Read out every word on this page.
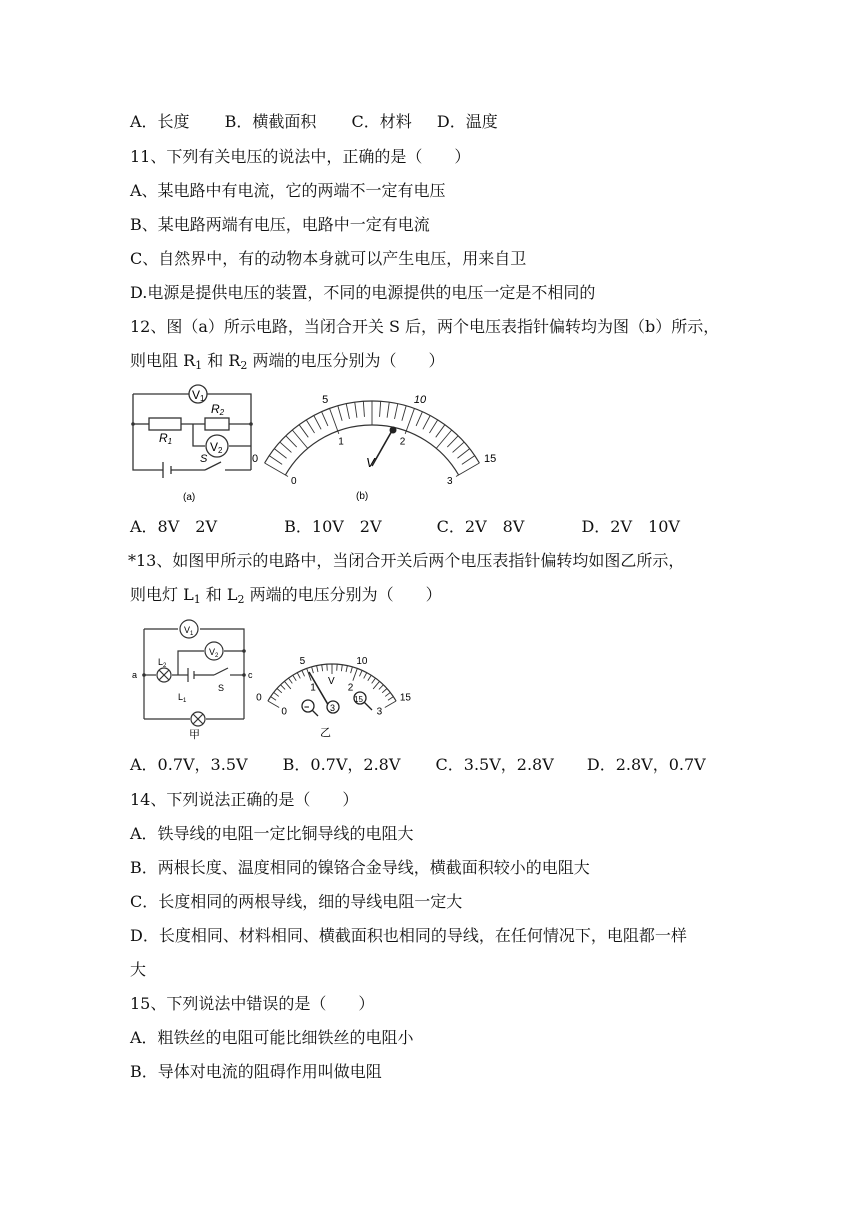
A．长度 B．横截面积 C．材料 D．温度
11、下列有关电压的说法中，正确的是（　　）
A、某电路中有电流，它的两端不一定有电压
B、某电路两端有电压，电路中一定有电流
C、自然界中，有的动物本身就可以产生电压，用来自卫
D.电源是提供电压的装置，不同的电源提供的电压一定是不相同的
12、图（a）所示电路，当闭合开关 S 后，两个电压表指针偏转均为图（b）所示，
则电阻 $R_1$ 和 $R_2$ 两端的电压分别为（　　）
V1
V2
R1
R2
S
(a)
0
5	10
15
0
1	2
3
V
(b)
A．8V　2V	B．10V　2V	C．2V　8V	D．2V　10V
*13、如图甲所示的电路中，当闭合开关后两个电压表指针偏转均如图乙所示，
则电灯 $L_1$ 和 $L_2$ 两端的电压分别为（　　）
$V_1$
$V_2$
$L_2$
$L_1$
S
a	c
甲
0
5	10
15
0
1	2
3
V
− 3
15
乙
A．0.7V，3.5V B．0.7V，2.8V C．3.5V，2.8V D．2.8V，0.7V
14、下列说法正确的是（　　）
A．铁导线的电阻一定比铜导线的电阻大
B．两根长度、温度相同的镍铬合金导线，横截面积较小的电阻大
C．长度相同的两根导线，细的导线电阻一定大
D．长度相同、材料相同、横截面积也相同的导线，在任何情况下，电阻都一样
大
15、下列说法中错误的是（　　）
A．粗铁丝的电阻可能比细铁丝的电阻小
B．导体对电流的阻碍作用叫做电阻
